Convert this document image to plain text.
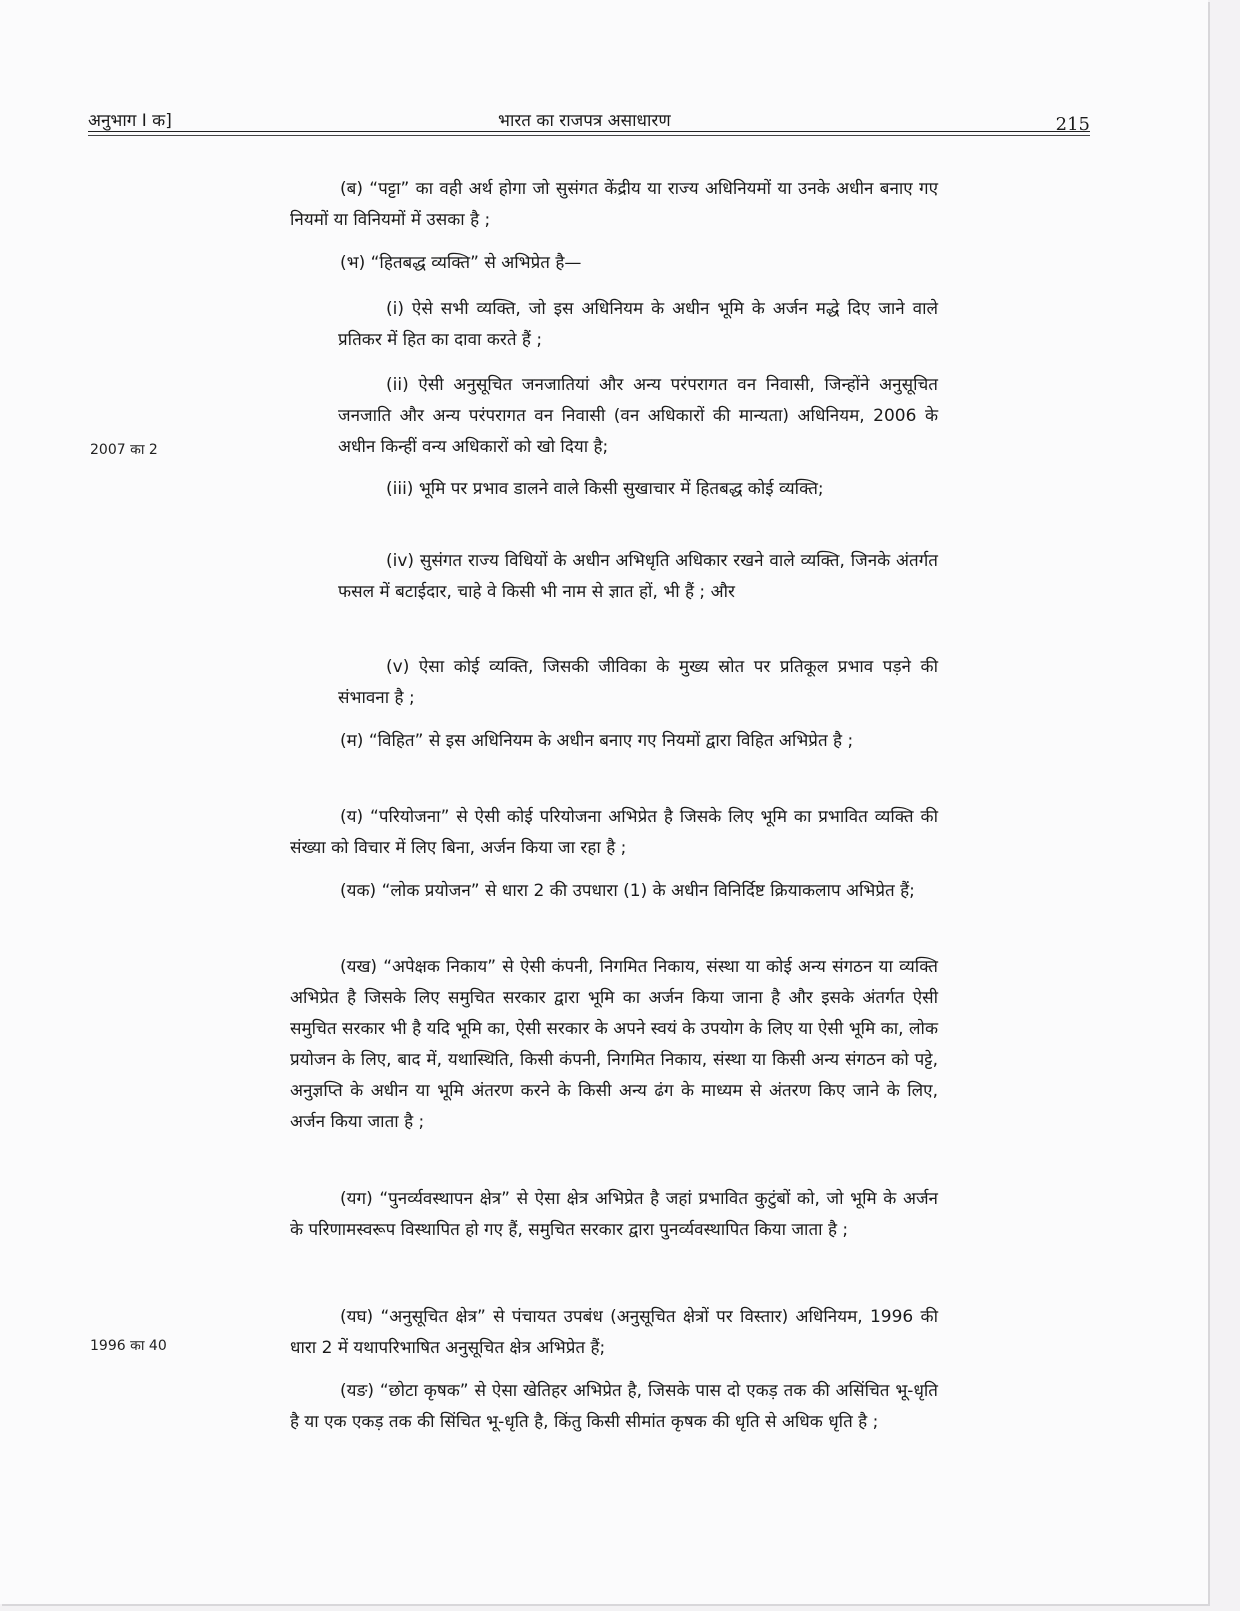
अनुभाग I क]	भारत का राजपत्र असाधारण	215
2007 का 2
1996 का 40
(ब) “पट्टा” का वही अर्थ होगा जो सुसंगत केंद्रीय या राज्य अधिनियमों या उनके अधीन बनाए गए नियमों या विनियमों में उसका है ;
(भ) “हितबद्ध व्यक्ति” से अभिप्रेत है—
(i) ऐसे सभी व्यक्ति, जो इस अधिनियम के अधीन भूमि के अर्जन मद्धे दिए जाने वाले प्रतिकर में हित का दावा करते हैं ;
(ii) ऐसी अनुसूचित जनजातियां और अन्य परंपरागत वन निवासी, जिन्होंने अनुसूचित जनजाति और अन्य परंपरागत वन निवासी (वन अधिकारों की मान्यता) अधिनियम, 2006 के अधीन किन्हीं वन्य अधिकारों को खो दिया है;
(iii) भूमि पर प्रभाव डालने वाले किसी सुखाचार में हितबद्ध कोई व्यक्ति;
(iv) सुसंगत राज्य विधियों के अधीन अभिधृति अधिकार रखने वाले व्यक्ति, जिनके अंतर्गत फसल में बटाईदार, चाहे वे किसी भी नाम से ज्ञात हों, भी हैं ; और
(v) ऐसा कोई व्यक्ति, जिसकी जीविका के मुख्य स्रोत पर प्रतिकूल प्रभाव पड़ने की संभावना है ;
(म) “विहित” से इस अधिनियम के अधीन बनाए गए नियमों द्वारा विहित अभिप्रेत है ;
(य) “परियोजना” से ऐसी कोई परियोजना अभिप्रेत है जिसके लिए भूमि का प्रभावित व्यक्ति की संख्या को विचार में लिए बिना, अर्जन किया जा रहा है ;
(यक) “लोक प्रयोजन” से धारा 2 की उपधारा (1) के अधीन विनिर्दिष्ट क्रियाकलाप अभिप्रेत हैं;
(यख) “अपेक्षक निकाय” से ऐसी कंपनी, निगमित निकाय, संस्था या कोई अन्य संगठन या व्यक्ति अभिप्रेत है जिसके लिए समुचित सरकार द्वारा भूमि का अर्जन किया जाना है और इसके अंतर्गत ऐसी समुचित सरकार भी है यदि भूमि का, ऐसी सरकार के अपने स्वयं के उपयोग के लिए या ऐसी भूमि का, लोक प्रयोजन के लिए, बाद में, यथास्थिति, किसी कंपनी, निगमित निकाय, संस्था या किसी अन्य संगठन को पट्टे, अनुज्ञप्ति के अधीन या भूमि अंतरण करने के किसी अन्य ढंग के माध्यम से अंतरण किए जाने के लिए, अर्जन किया जाता है ;
(यग) “पुनर्व्यवस्थापन क्षेत्र” से ऐसा क्षेत्र अभिप्रेत है जहां प्रभावित कुटुंबों को, जो भूमि के अर्जन के परिणामस्वरूप विस्थापित हो गए हैं, समुचित सरकार द्वारा पुनर्व्यवस्थापित किया जाता है ;
(यघ) “अनुसूचित क्षेत्र” से पंचायत उपबंध (अनुसूचित क्षेत्रों पर विस्तार) अधिनियम, 1996 की धारा 2 में यथापरिभाषित अनुसूचित क्षेत्र अभिप्रेत हैं;
(यङ) “छोटा कृषक” से ऐसा खेतिहर अभिप्रेत है, जिसके पास दो एकड़ तक की असिंचित भू-धृति है या एक एकड़ तक की सिंचित भू-धृति है, किंतु किसी सीमांत कृषक की धृति से अधिक धृति है ;
